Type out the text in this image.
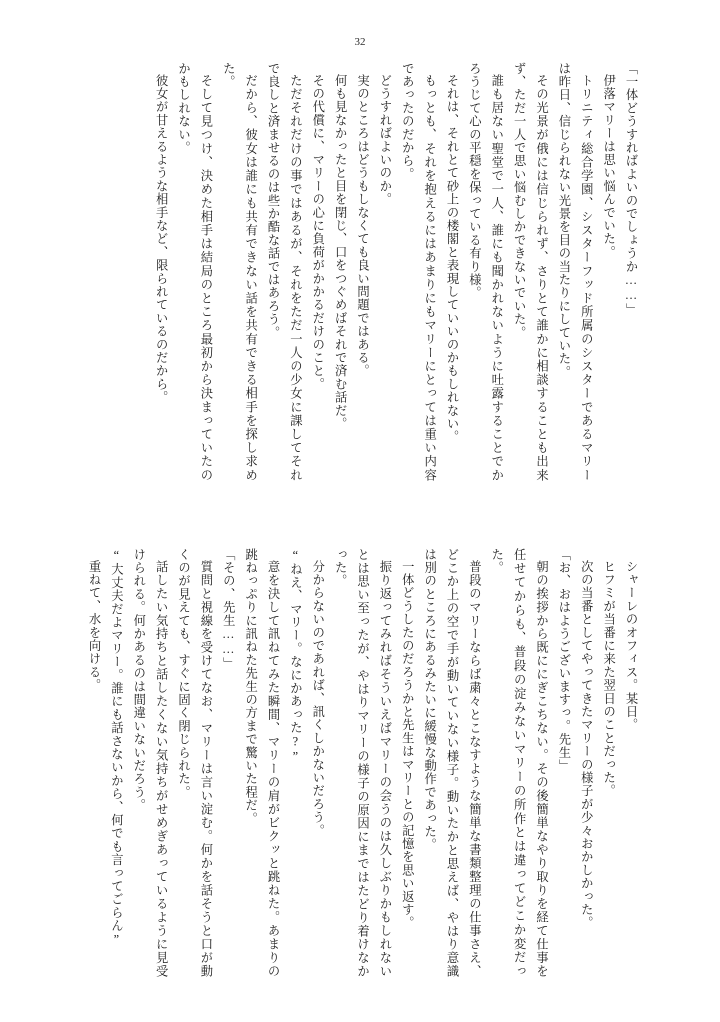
32

「一体どうすればよいのでしょうか……」

伊落マリーは思い悩んでいた。

トリニティ総合学園、シスターフッド所属のシスターであるマリーは昨日、信じられない光景を目の当たりにしていた。

その光景が俄には信じられず、さりとて誰かに相談することも出来ず、ただ一人で思い悩むしかできないでいた。

誰も居ない聖堂で一人、誰にも聞かれないように吐露することでかろうじて心の平穏を保っている有り様。

それは、それとて砂上の楼閣と表現していいのかもしれない。

もっとも、それを抱えるにはあまりにもマリーにとっては重い内容であったのだから。

どうすればよいのか。

実のところはどうもしなくても良い問題ではある。

何も見なかったと目を閉じ、口をつぐめばそれで済む話だ。

その代償に、マリーの心に負荷がかかるだけのこと。

ただそれだけの事ではあるが、それをただ一人の少女に課してそれで良しと済ませるのは些か酷な話ではあろう。

だから、彼女は誰にも共有できない話を共有できる相手を探し求めた。

そして見つけ、決めた相手は結局のところ最初から決まっていたのかもしれない。

彼女が甘えるような相手など、限られているのだから。

シャーレのオフィス。某日。

ヒフミが当番に来た翌日のことだった。

次の当番としてやってきたマリーの様子が少々おかしかった。

「お、おはようございますっ。先生」

朝の挨拶から既ににぎこちない。その後簡単なやり取りを経て仕事を任せてからも、普段の淀みないマリーの所作とは違ってどこか変だった。

普段のマリーならば粛々とこなすような簡単な書類整理の仕事さえ、どこか上の空で手が動いていない様子。動いたかと思えば、やはり意識は別のところにあるみたいに緩慢な動作であった。

一体どうしたのだろうかと先生はマリーとの記憶を思い返す。

振り返ってみればそういえばマリーの会うのは久しぶりかもしれないとは思い至ったが、やはりマリーの様子の原因にまではたどり着けなかった。

分からないのであれば、訊くしかないだろう。

“ねえ、マリー。なにかあった?”

意を決して訊ねてみた瞬間、マリーの肩がビクッと跳ねた。あまりの跳ねっぷりに訊ねた先生の方まで驚いた程だ。

「その、先生……」

質問と視線を受けてなお、マリーは言い淀む。何かを話そうと口が動くのが見えても、すぐに固く閉じられた。

話したい気持ちと話したくない気持ちがせめぎあっているように見受けられる。何かあるのは間違いないだろう。

“大丈夫だよマリー。誰にも話さないから、何でも言ってごらん”

重ねて、水を向ける。
